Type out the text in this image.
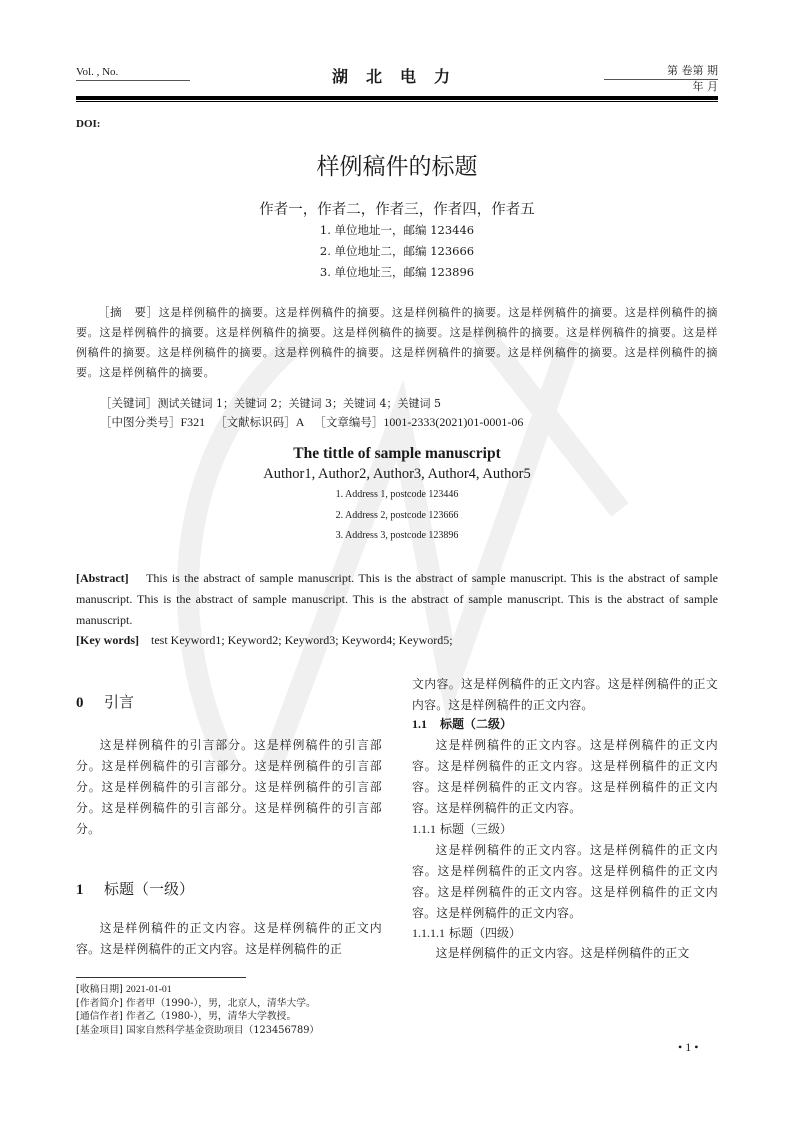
Vol. , No.	湖北电力	第 卷第 期
年 月
DOI:
样例稿件的标题
作者一，作者二，作者三，作者四，作者五
1. 单位地址一，邮编 123446
2. 单位地址二，邮编 123666
3. 单位地址三，邮编 123896
［摘　要］这是样例稿件的摘要。这是样例稿件的摘要。这是样例稿件的摘要。这是样例稿件的摘要。这是样例稿件的摘要。这是样例稿件的摘要。这是样例稿件的摘要。这是样例稿件的摘要。这是样例稿件的摘要。这是样例稿件的摘要。这是样例稿件的摘要。这是样例稿件的摘要。这是样例稿件的摘要。这是样例稿件的摘要。这是样例稿件的摘要。这是样例稿件的摘要。这是样例稿件的摘要。
［关键词］测试关键词 1；关键词 2；关键词 3；关键词 4；关键词 5
［中图分类号］F321 ［文献标识码］A ［文章编号］1001-2333(2021)01-0001-06
The tittle of sample manuscript
Author1, Author2, Author3, Author4, Author5
1. Address 1, postcode 123446
2. Address 2, postcode 123666
3. Address 3, postcode 123896
[Abstract] This is the abstract of sample manuscript. This is the abstract of sample manuscript. This is the abstract of sample manuscript. This is the abstract of sample manuscript. This is the abstract of sample manuscript. This is the abstract of sample manuscript.
[Key words] test Keyword1; Keyword2; Keyword3; Keyword4; Keyword5;
0 引言
这是样例稿件的引言部分。这是样例稿件的引言部分。这是样例稿件的引言部分。这是样例稿件的引言部分。这是样例稿件的引言部分。这是样例稿件的引言部分。这是样例稿件的引言部分。这是样例稿件的引言部分。
1 标题（一级）
这是样例稿件的正文内容。这是样例稿件的正文内容。这是样例稿件的正文内容。这是样例稿件的正
[收稿日期] 2021-01-01
[作者简介] 作者甲（1990-），男，北京人，清华大学。
[通信作者] 作者乙（1980-），男，清华大学教授。
[基金项目] 国家自然科学基金资助项目（123456789）
文内容。这是样例稿件的正文内容。这是样例稿件的正文内容。这是样例稿件的正文内容。
1.1 标题（二级）
这是样例稿件的正文内容。这是样例稿件的正文内容。这是样例稿件的正文内容。这是样例稿件的正文内容。这是样例稿件的正文内容。这是样例稿件的正文内容。这是样例稿件的正文内容。
1.1.1 标题（三级）
这是样例稿件的正文内容。这是样例稿件的正文内容。这是样例稿件的正文内容。这是样例稿件的正文内容。这是样例稿件的正文内容。这是样例稿件的正文内容。这是样例稿件的正文内容。
1.1.1.1 标题（四级）
这是样例稿件的正文内容。这是样例稿件的正文
• 1 •
